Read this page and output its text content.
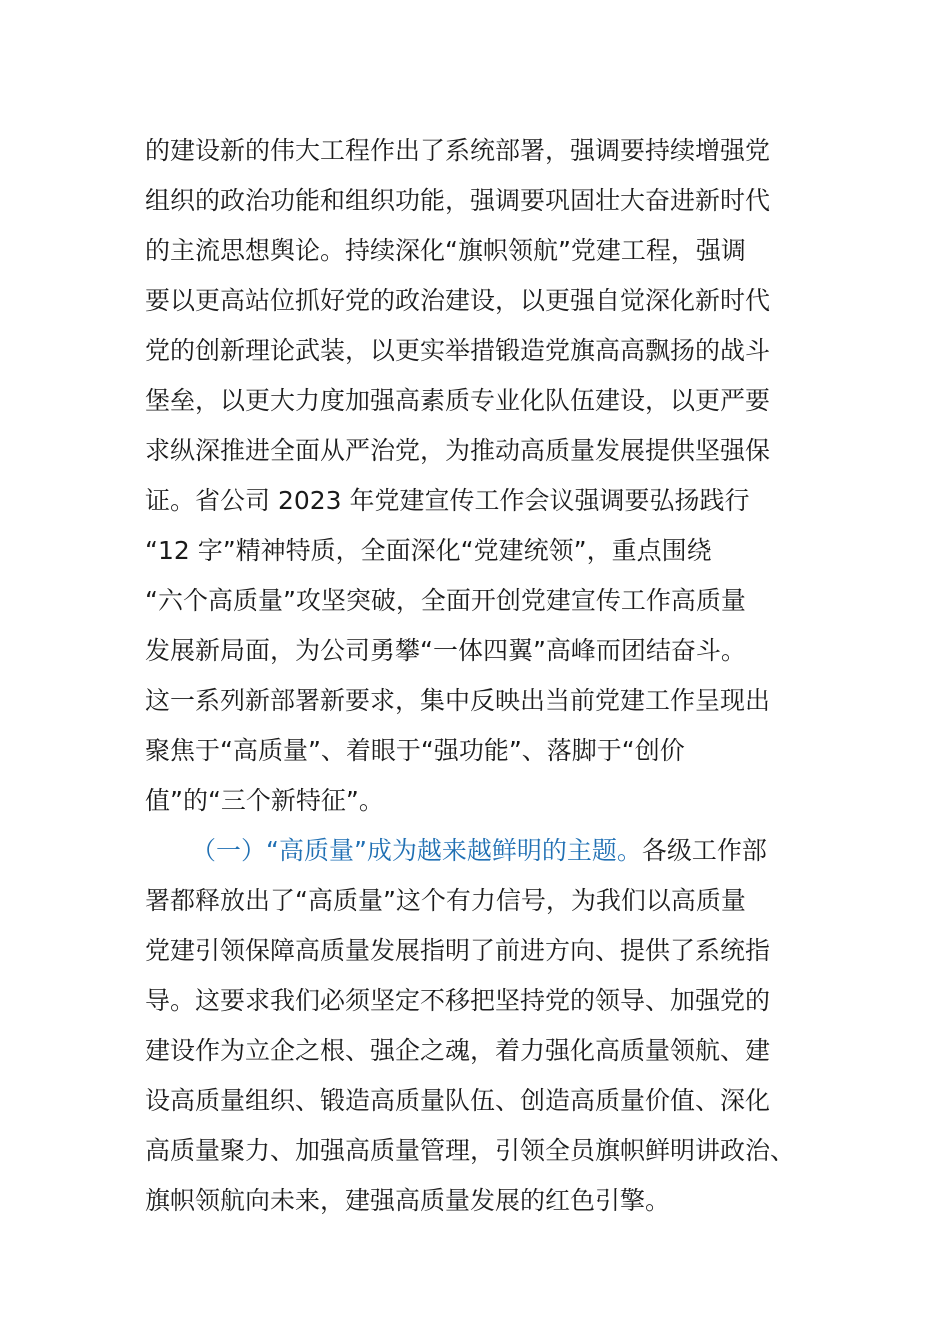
的建设新的伟大工程作出了系统部署，强调要持续增强党
组织的政治功能和组织功能，强调要巩固壮大奋进新时代
的主流思想舆论。持续深化“旗帜领航”党建工程，强调
要以更高站位抓好党的政治建设，以更强自觉深化新时代
党的创新理论武装，以更实举措锻造党旗高高飘扬的战斗
堡垒，以更大力度加强高素质专业化队伍建设，以更严要
求纵深推进全面从严治党，为推动高质量发展提供坚强保
证。省公司 2023 年党建宣传工作会议强调要弘扬践行
“12 字”精神特质，全面深化“党建统领”，重点围绕
“六个高质量”攻坚突破，全面开创党建宣传工作高质量
发展新局面，为公司勇攀“一体四翼”高峰而团结奋斗。
这一系列新部署新要求，集中反映出当前党建工作呈现出
聚焦于“高质量”、着眼于“强功能”、落脚于“创价
值”的“三个新特征”。
（一）“高质量”成为越来越鲜明的主题。各级工作部
署都释放出了“高质量”这个有力信号，为我们以高质量
党建引领保障高质量发展指明了前进方向、提供了系统指
导。这要求我们必须坚定不移把坚持党的领导、加强党的
建设作为立企之根、强企之魂，着力强化高质量领航、建
设高质量组织、锻造高质量队伍、创造高质量价值、深化
高质量聚力、加强高质量管理，引领全员旗帜鲜明讲政治、
旗帜领航向未来，建强高质量发展的红色引擎。
